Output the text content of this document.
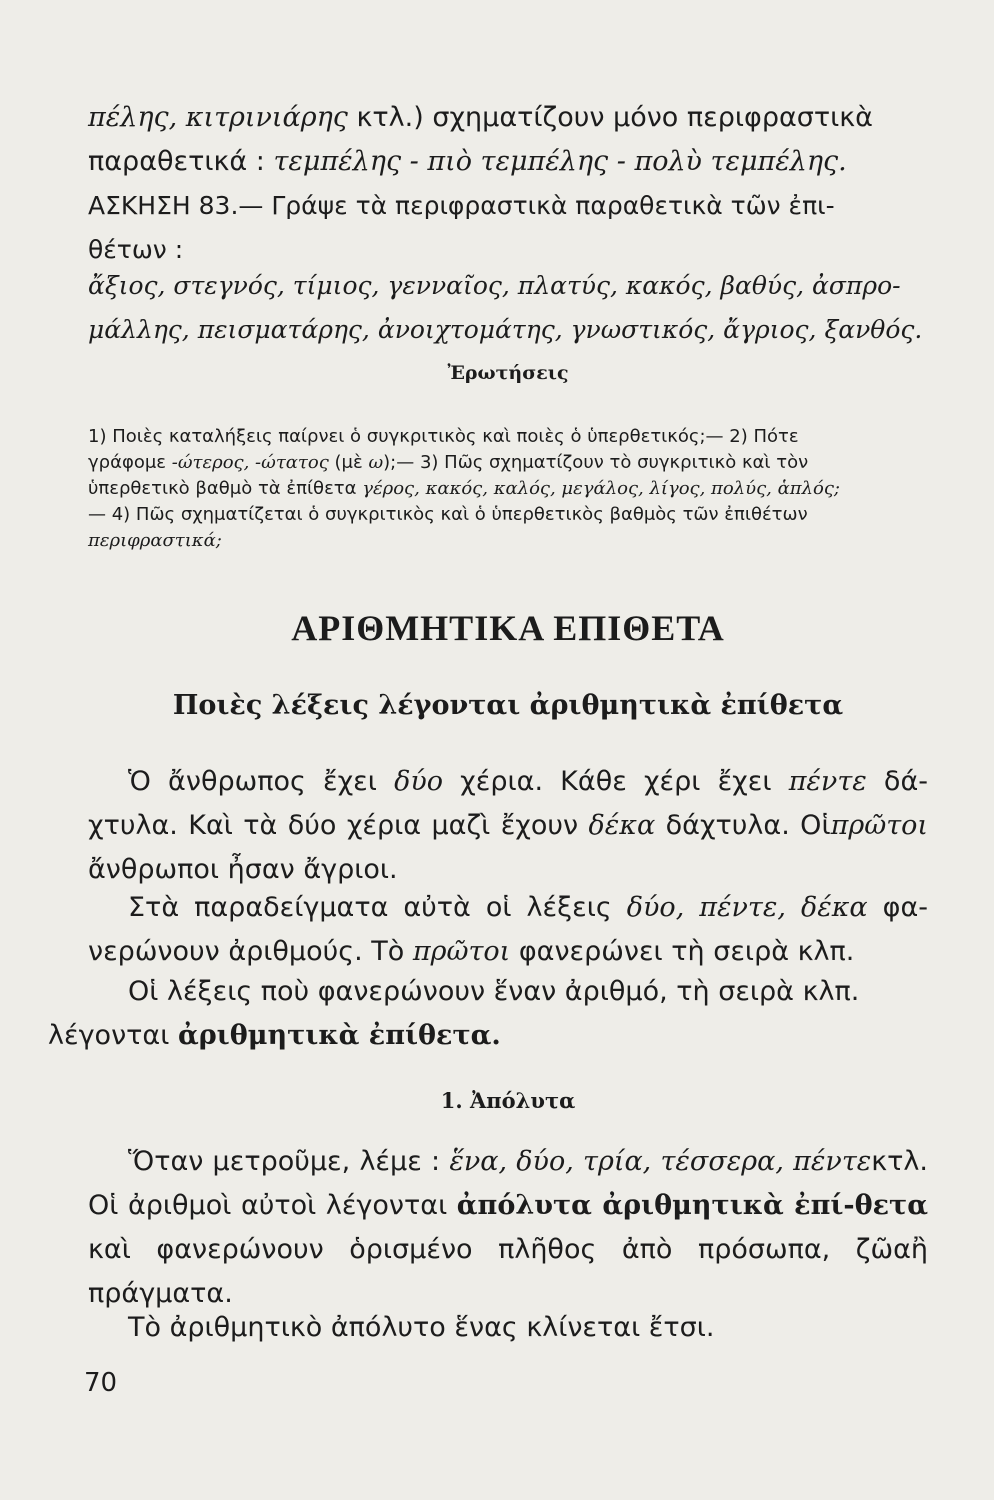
πέλης, κιτρινιάρης κτλ.) σχηματίζουν μόνο περιφραστικὰ
παραθετικά : τεμπέλης - πιὸ τεμπέλης - πολὺ τεμπέλης.

ΑΣΚΗΣΗ 83.— Γράψε τὰ περιφραστικὰ παραθετικὰ τῶν ἐπι-
θέτων :

ἄξιος, στεγνός, τίμιος, γενναῖος, πλατύς, κακός, βαθύς, ἀσπρο-
μάλλης, πεισματάρης, ἀνοιχτομάτης, γνωστικός, ἄγριος, ξανθός.

Ἐρωτήσεις

1) Ποιὲς καταλήξεις παίρνει ὁ συγκριτικὸς καὶ ποιὲς ὁ ὑπερθετικός;— 2) Πότε
γράφομε -ώτερος, -ώτατος (μὲ ω);— 3) Πῶς σχηματίζουν τὸ συγκριτικὸ καὶ τὸν
ὑπερθετικὸ βαθμὸ τὰ ἐπίθετα γέρος, κακός, καλός, μεγάλος, λίγος, πολύς, ἁπλός;
— 4) Πῶς σχηματίζεται ὁ συγκριτικὸς καὶ ὁ ὑπερθετικὸς βαθμὸς τῶν ἐπιθέτων
περιφραστικά;

ΑΡΙΘΜΗΤΙΚΑ ΕΠΙΘΕΤΑ
Ποιὲς λέξεις λέγονται ἀριθμητικὰ ἐπίθετα

Ὁ ἄνθρωπος ἔχει δύο χέρια. Κάθε χέρι ἔχει πέντε δά-χτυλα. Καὶ τὰ δύο χέρια μαζὶ ἔχουν δέκα δάχτυλα. Οἱπρῶτοι ἄνθρωποι ἦσαν ἄγριοι.

Στὰ παραδείγματα αὐτὰ οἱ λέξεις δύο, πέντε, δέκα φα-νερώνουν ἀριθμούς. Τὸ πρῶτοι φανερώνει τὴ σειρὰ κλπ.

Οἱ λέξεις ποὺ φανερώνουν ἕναν ἀριθμό, τὴ σειρὰ κλπ.
λέγονται ἀριθμητικὰ ἐπίθετα.

1. Ἀπόλυτα

Ὅταν μετροῦμε, λέμε : ἕνα, δύο, τρία, τέσσερα, πέντεκτλ. Οἱ ἀριθμοὶ αὐτοὶ λέγονται ἀπόλυτα ἀριθμητικὰ ἐπί-θετα καὶ φανερώνουν ὁρισμένο πλῆθος ἀπὸ πρόσωπα, ζῶαἢ πράγματα.

Τὸ ἀριθμητικὸ ἀπόλυτο ἕνας κλίνεται ἔτσι.

70
